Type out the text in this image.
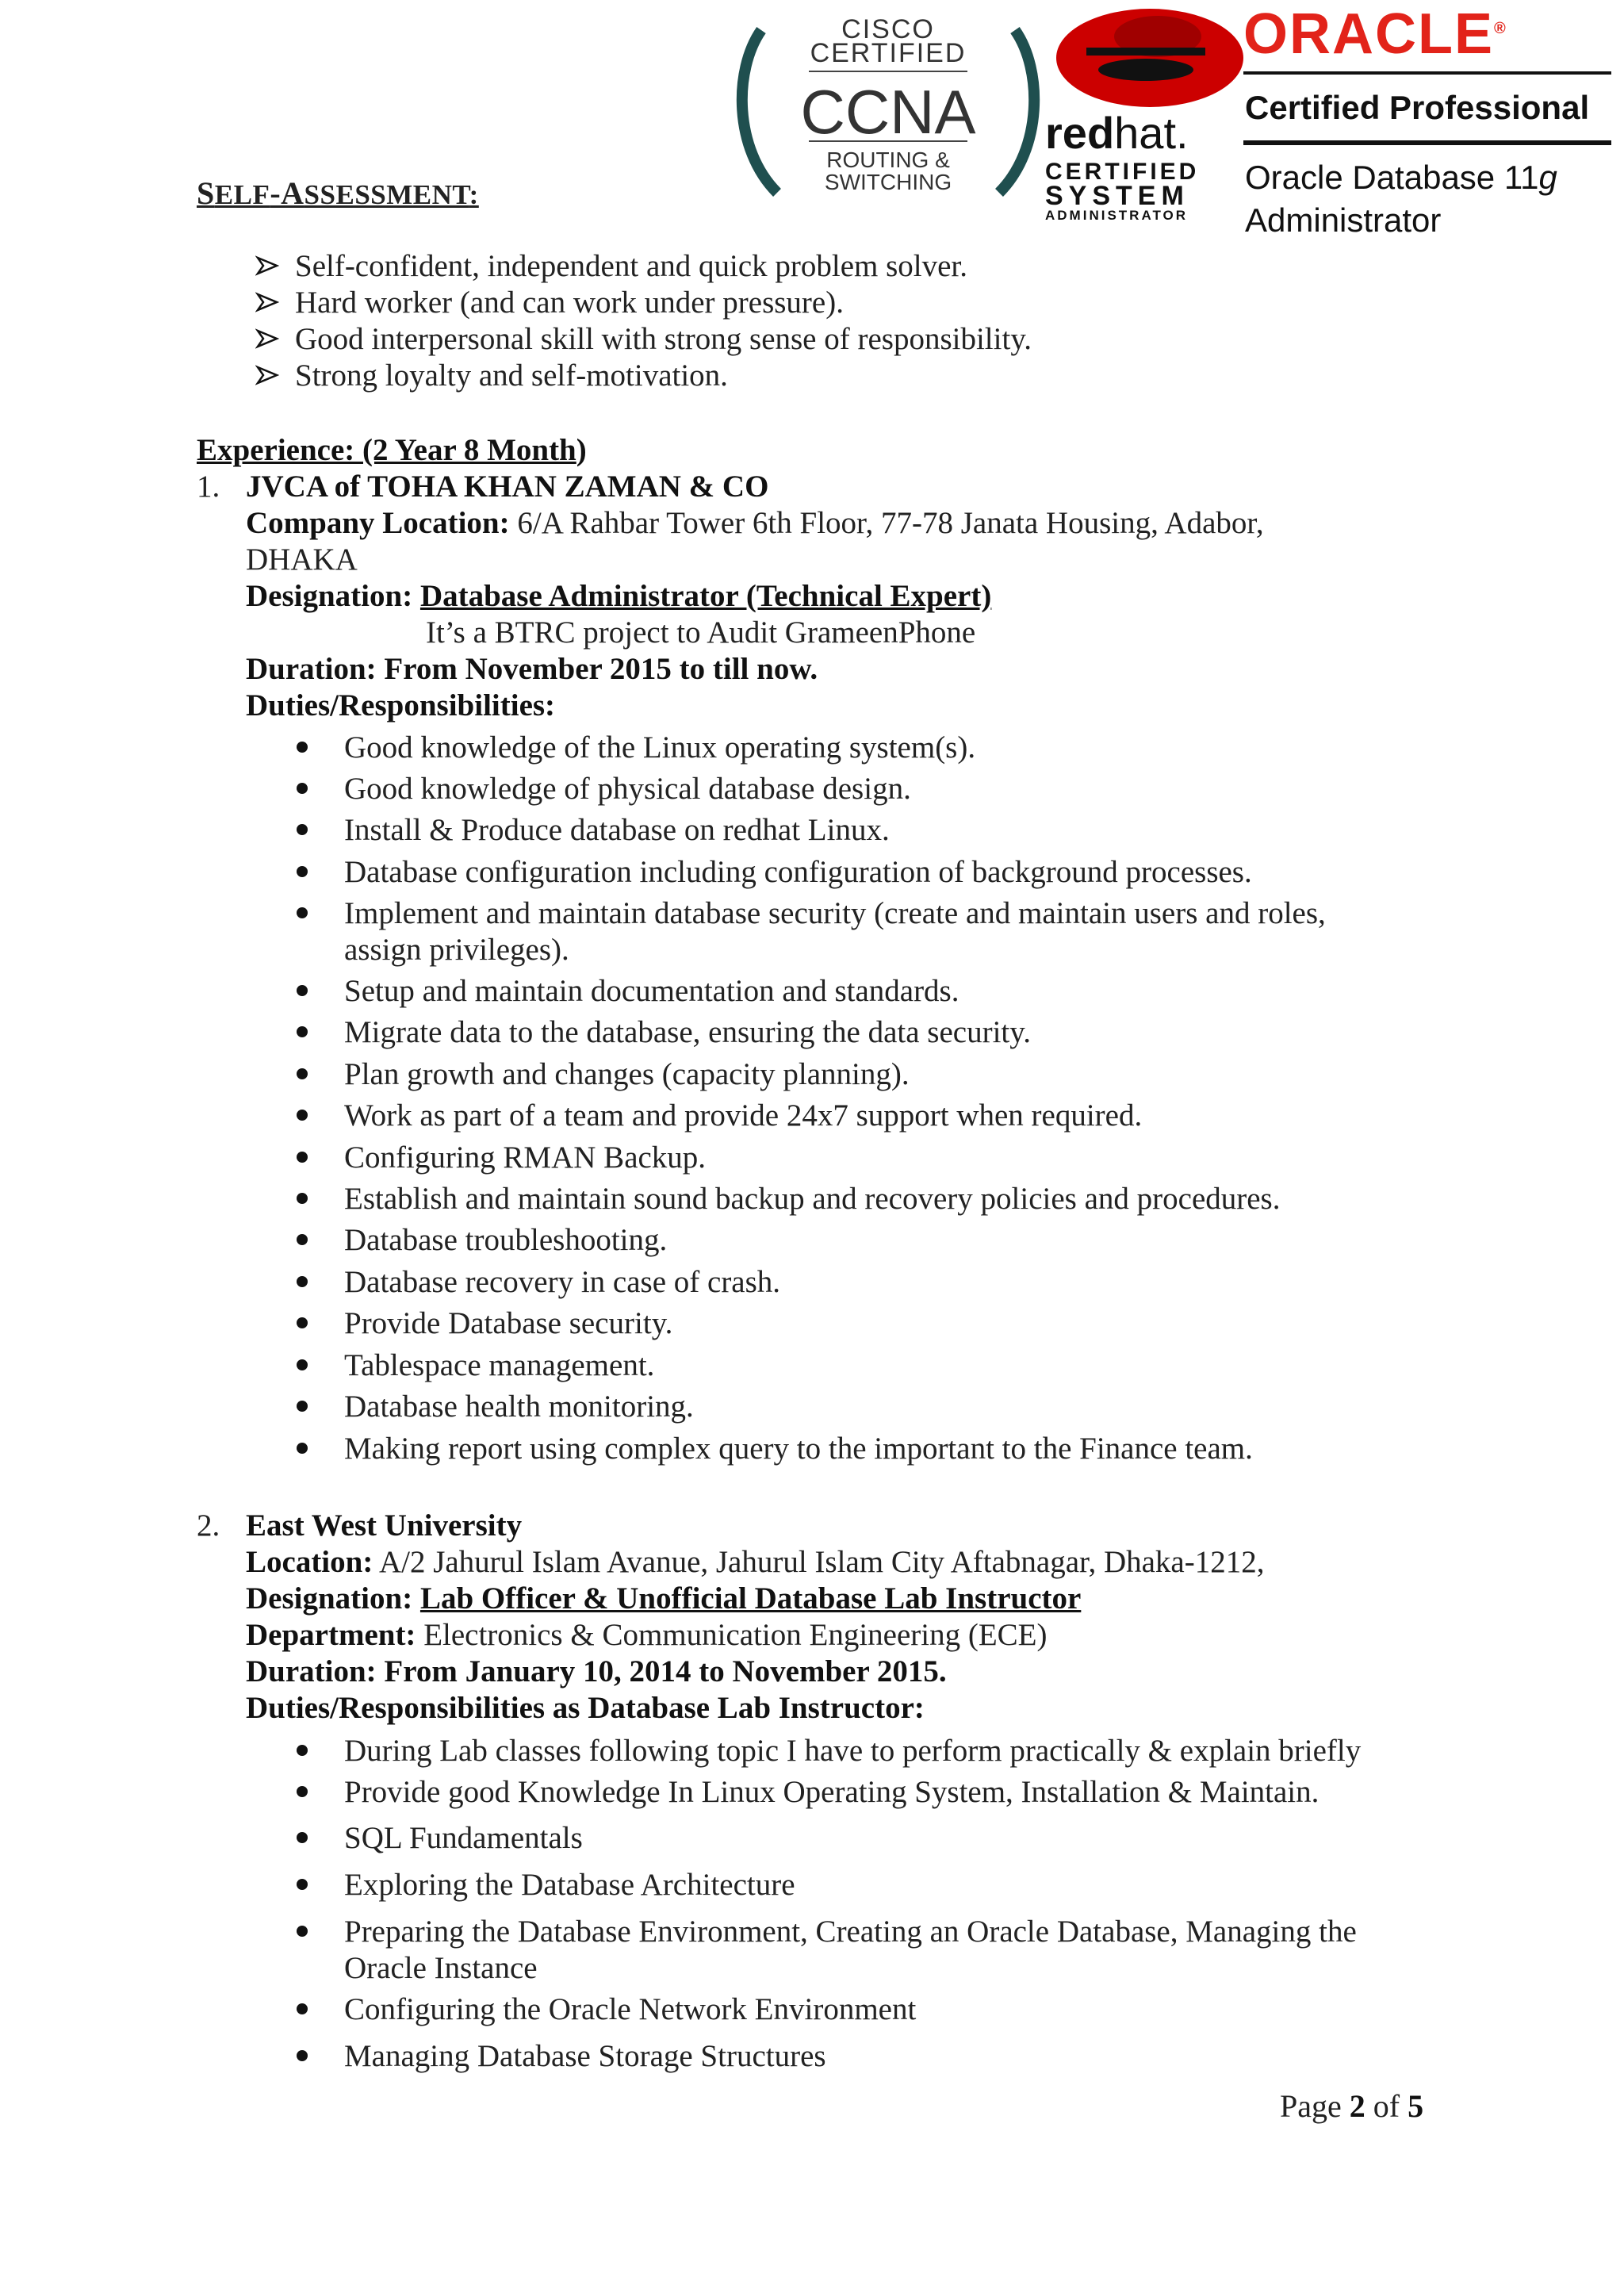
CISCO
CERTIFIED
CCNA
ROUTING &
SWITCHING
redhat.
CERTIFIED
SYSTEM
ADMINISTRATOR
ORACLE®
Certified Professional
Oracle Database 11g
Administrator
SELF-ASSESSMENT:
Self-confident, independent and quick problem solver.
Hard worker (and can work under pressure).
Good interpersonal skill with strong sense of responsibility.
Strong loyalty and self-motivation.
Experience: (2 Year 8 Month)
1. JVCA of TOHA KHAN ZAMAN & CO
Company Location: 6/A Rahbar Tower 6th Floor, 77-78 Janata Housing, Adabor,
DHAKA
Designation: Database Administrator (Technical Expert)
It’s a BTRC project to Audit GrameenPhone
Duration: From November 2015 to till now.
Duties/Responsibilities:
Good knowledge of the Linux operating system(s).
Good knowledge of physical database design.
Install & Produce database on redhat Linux.
Database configuration including configuration of background processes.
Implement and maintain database security (create and maintain users and roles,
assign privileges).
Setup and maintain documentation and standards.
Migrate data to the database, ensuring the data security.
Plan growth and changes (capacity planning).
Work as part of a team and provide 24x7 support when required.
Configuring RMAN Backup.
Establish and maintain sound backup and recovery policies and procedures.
Database troubleshooting.
Database recovery in case of crash.
Provide Database security.
Tablespace management.
Database health monitoring.
Making report using complex query to the important to the Finance team.
2. East West University
Location: A/2 Jahurul Islam Avanue, Jahurul Islam City Aftabnagar, Dhaka-1212,
Designation: Lab Officer & Unofficial Database Lab Instructor
Department: Electronics & Communication Engineering (ECE)
Duration: From January 10, 2014 to November 2015.
Duties/Responsibilities as Database Lab Instructor:
During Lab classes following topic I have to perform practically & explain briefly
Provide good Knowledge In Linux Operating System, Installation & Maintain.
SQL Fundamentals
Exploring the Database Architecture
Preparing the Database Environment, Creating an Oracle Database, Managing the
Oracle Instance
Configuring the Oracle Network Environment
Managing Database Storage Structures
Page 2 of 5
